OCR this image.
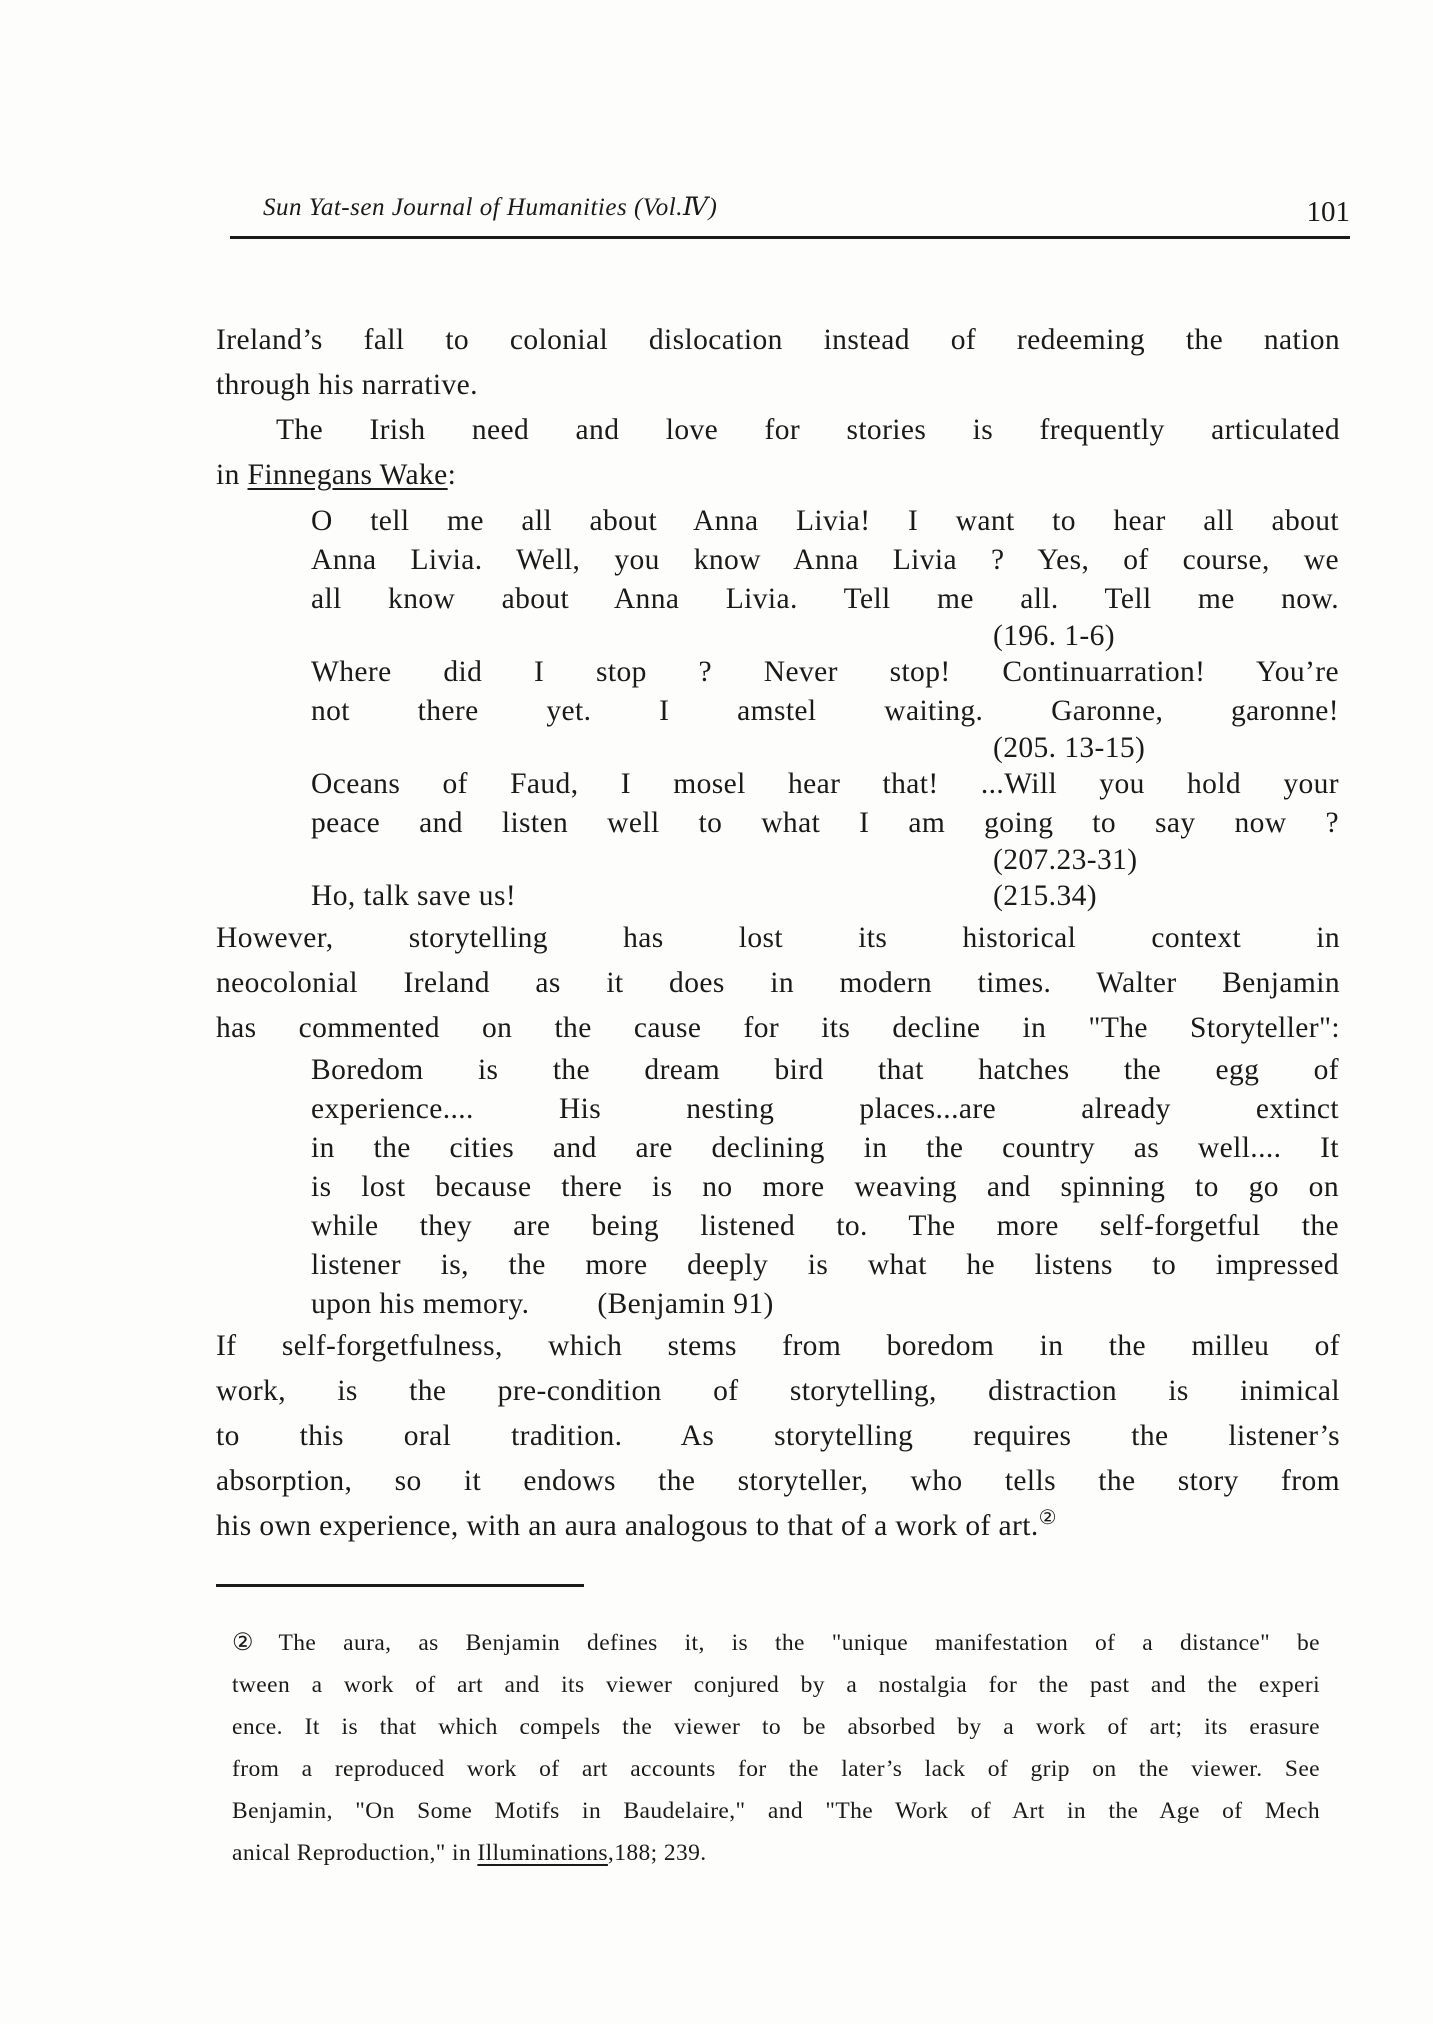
Sun Yat-sen Journal of Humanities (Vol.Ⅳ)	101

Ireland’s fall to colonial dislocation instead of redeeming the nation
through his narrative.

The Irish need and love for stories is frequently articulated
in Finnegans Wake:

O tell me all about Anna Livia! I want to hear all about
Anna Livia. Well, you know Anna Livia ? Yes, of course, we
all know about Anna Livia. Tell me all. Tell me now.
(196. 1-6)
Where did I stop ? Never stop! Continuarration! You’re
not there yet. I amstel waiting. Garonne, garonne!
(205. 13-15)
Oceans of Faud, I mosel hear that! ...Will you hold your
peace and listen well to what I am going to say now ?
(207.23-31)
Ho, talk save us!	(215.34)

However, storytelling has lost its historical context in
neocolonial Ireland as it does in modern times. Walter Benjamin
has commented on the cause for its decline in "The Storyteller":

Boredom is the dream bird that hatches the egg of
experience.... His nesting places...are already extinct
in the cities and are declining in the country as well.... It
is lost because there is no more weaving and spinning to go on
while they are being listened to. The more self-forgetful the
listener is, the more deeply is what he listens to impressed
upon his memory. (Benjamin 91)

If self-forgetfulness, which stems from boredom in the milleu of
work, is the pre-condition of storytelling, distraction is inimical
to this oral tradition. As storytelling requires the listener’s
absorption, so it endows the storyteller, who tells the story from
his own experience, with an aura analogous to that of a work of art.②

② The aura, as Benjamin defines it, is the "unique manifestation of a distance" be
tween a work of art and its viewer conjured by a nostalgia for the past and the experi
ence. It is that which compels the viewer to be absorbed by a work of art; its erasure
from a reproduced work of art accounts for the later’s lack of grip on the viewer. See
Benjamin, "On Some Motifs in Baudelaire," and "The Work of Art in the Age of Mech
anical Reproduction," in Illuminations,188; 239.
